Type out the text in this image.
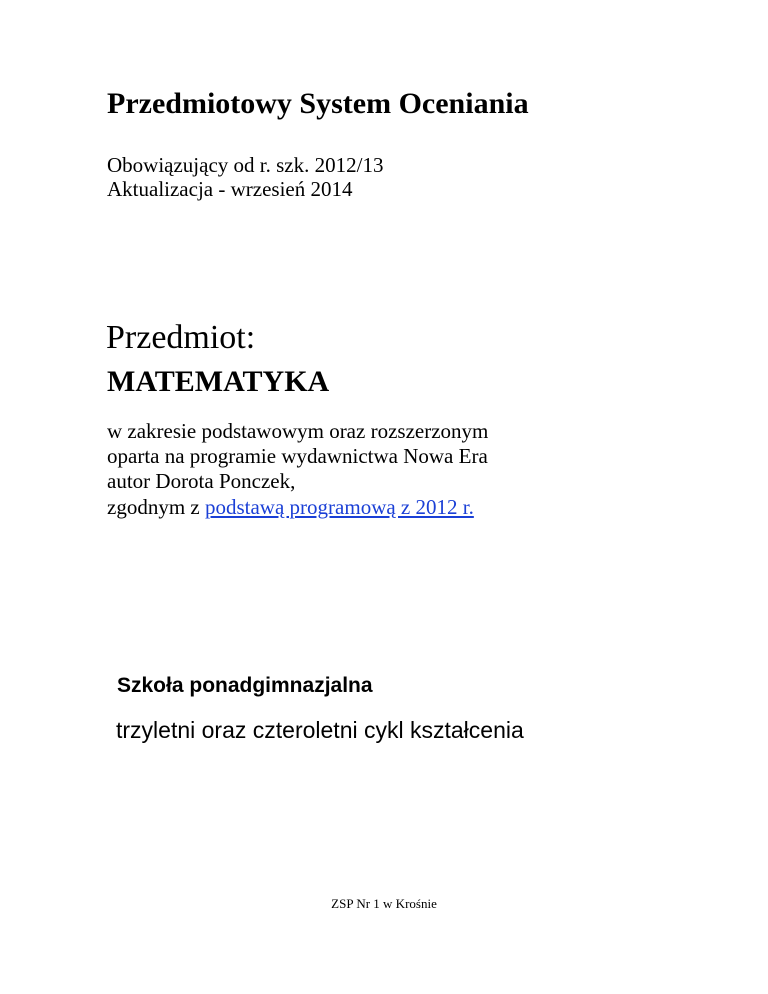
Przedmiotowy System Oceniania
Obowiązujący od r. szk. 2012/13
Aktualizacja - wrzesień 2014
Przedmiot:
MATEMATYKA
w zakresie podstawowym oraz rozszerzonym
oparta na programie wydawnictwa Nowa Era
autor Dorota Ponczek,
zgodnym z podstawą programową z 2012 r.
Szkoła ponadgimnazjalna
trzyletni oraz czteroletni cykl kształcenia
ZSP Nr 1 w Krośnie
